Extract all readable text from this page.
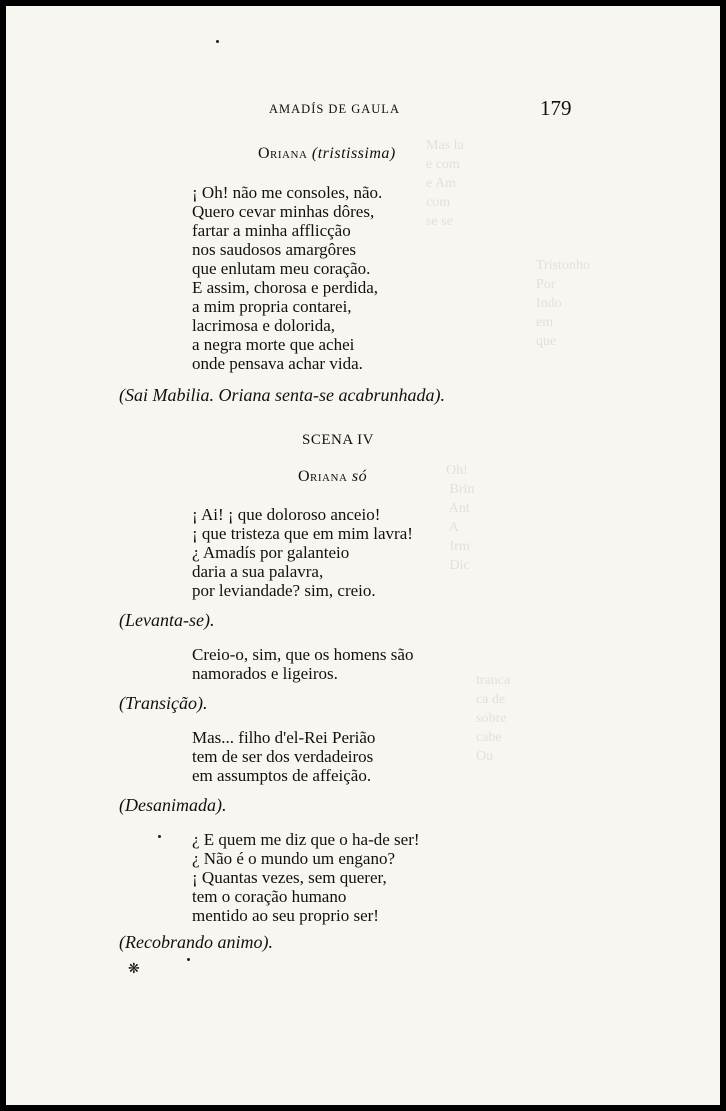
Mas la
e com
e Am
com
se se
Tristonho
Por
Indo
em
que
Oh!
Brin
Ant
A
Irm
Dic
tranca
ca de
sobre
cabe
Ou
AMADÍS DE GAULA	179
Oriana (tristissima)
¡ Oh! não me consoles, não.
Quero cevar minhas dôres,
fartar a minha afflicção
nos saudosos amargôres
que enlutam meu coração.
E assim, chorosa e perdida,
a mim propria contarei,
lacrimosa e dolorida,
a negra morte que achei
onde pensava achar vida.
(Sai Mabilia. Oriana senta-se acabrunhada).
SCENA IV
Oriana só
¡ Ai! ¡ que doloroso anceio!
¡ que tristeza que em mim lavra!
¿ Amadís por galanteio
daria a sua palavra,
por leviandade? sim, creio.
(Levanta-se).
Creio-o, sim, que os homens são
namorados e ligeiros.
(Transição).
Mas... filho d'el-Rei Perião
tem de ser dos verdadeiros
em assumptos de affeição.
(Desanimada).
¿ E quem me diz que o ha-de ser!
¿ Não é o mundo um engano?
¡ Quantas vezes, sem querer,
tem o coração humano
mentido ao seu proprio ser!
(Recobrando animo).
❋
